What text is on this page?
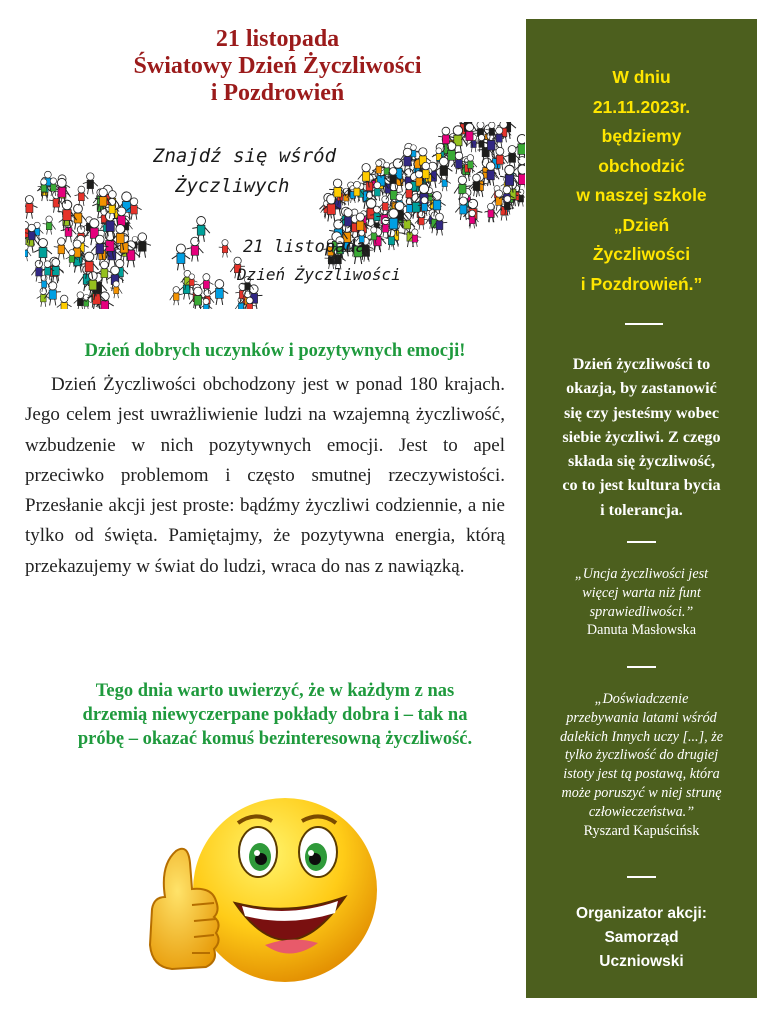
21 listopada
Światowy Dzień Życzliwości
i Pozdrowień
Znajdź się wśród
Życzliwych
21 listopada
Dzień Życzliwości
Dzień dobrych uczynków i pozytywnych emocji!

Dzień Życzliwości obchodzony jest w ponad 180 krajach. Jego celem jest uwrażliwienie ludzi na wzajemną życzliwość, wzbudzenie w nich pozytywnych emocji. Jest to apel przeciwko problemom i często smutnej rzeczywistości. Przesłanie akcji jest proste: bądźmy życzliwi codziennie, a nie tylko od święta. Pamiętajmy, że pozytywna energia, którą przekazujemy w świat do ludzi, wraca do nas z nawiązką.

Tego dnia warto uwierzyć, że w każdym z nas
drzemią niewyczerpane pokłady dobra i – tak na
próbę – okazać komuś bezinteresowną życzliwość.
W dniu
21.11.2023r.
będziemy
obchodzić
w naszej szkole
„Dzień
Życzliwości
i Pozdrowień.”
Dzień życzliwości to
okazja, by zastanowić
się czy jesteśmy wobec
siebie życzliwi. Z czego
składa się życzliwość,
co to jest kultura bycia
i tolerancja.
„Uncja życzliwości jest
więcej warta niż funt
sprawiedliwości.”
Danuta Masłowska
„Doświadczenie
przebywania latami wśród
dalekich Innych uczy [...], że
tylko życzliwość do drugiej
istoty jest tą postawą, która
może poruszyć w niej strunę
człowieczeństwa.”
Ryszard Kapuścińsk
Organizator akcji:
Samorząd
Uczniowski
